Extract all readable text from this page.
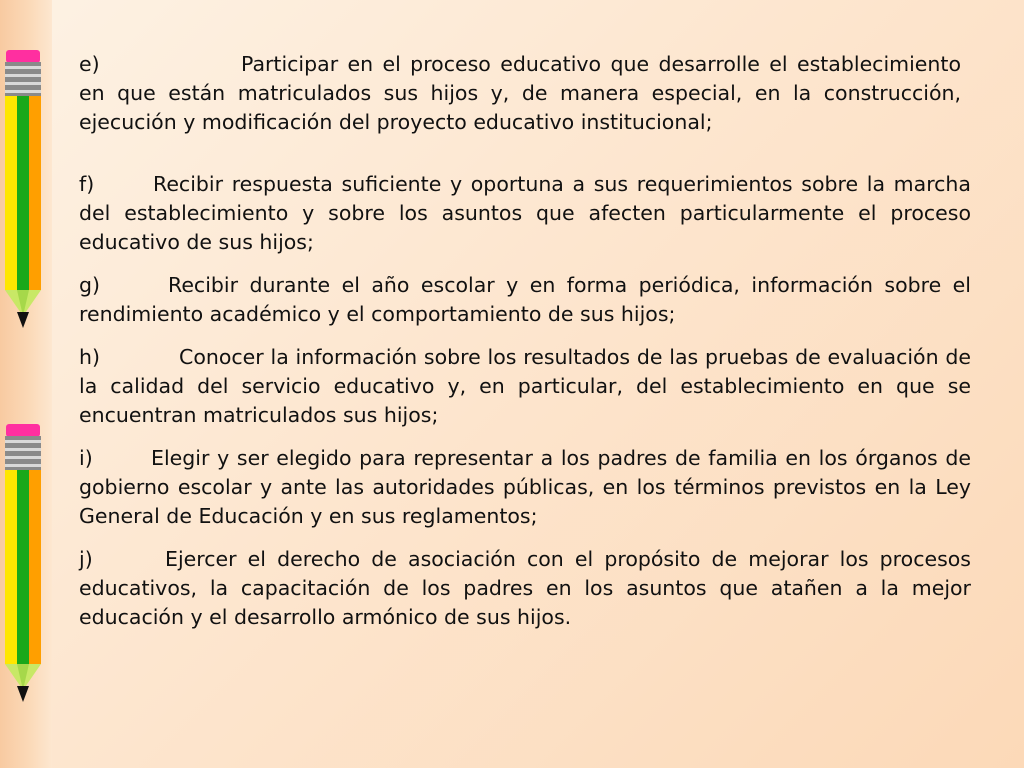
e)	Participar en el proceso educativo que desarrolle el establecimiento en que están matriculados sus hijos y, de manera especial, en la construcción, ejecución y modificación del proyecto educativo institucional;

f)	Recibir respuesta suficiente y oportuna a sus requerimientos sobre la marcha del establecimiento y sobre los asuntos que afecten particularmente el proceso educativo de sus hijos;

g)	Recibir durante el año escolar y en forma periódica, información sobre el rendimiento académico y el comportamiento de sus hijos;

h)	Conocer la información sobre los resultados de las pruebas de evaluación de la calidad del servicio educativo y, en particular, del establecimiento en que se encuentran matriculados sus hijos;

i)	Elegir y ser elegido para representar a los padres de familia en los órganos de gobierno escolar y ante las autoridades públicas, en los términos previstos en la Ley General de Educación y en sus reglamentos;

j)	Ejercer el derecho de asociación con el propósito de mejorar los procesos educativos, la capacitación de los padres en los asuntos que atañen a la mejor educación y el desarrollo armónico de sus hijos.
